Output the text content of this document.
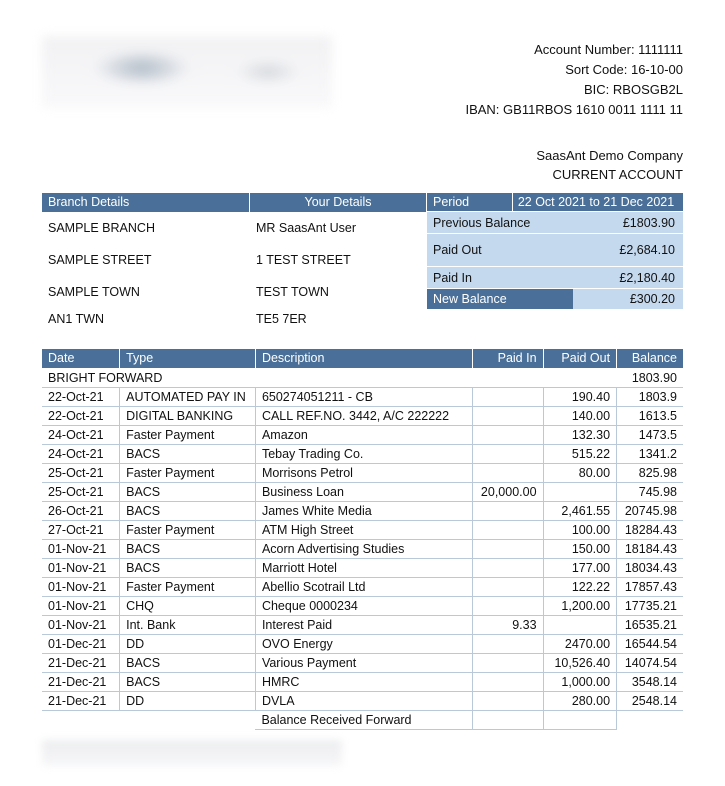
Account Number: 1111111
Sort Code: 16-10-00
BIC: RBOSGB2L
IBAN: GB11RBOS 1610 0011 1111 11
SaasAnt Demo Company
CURRENT ACCOUNT
Branch Details	Your Details
SAMPLE BRANCH	MR SaasAnt User
SAMPLE STREET	1 TEST STREET
SAMPLE TOWN	TEST TOWN
AN1 TWN	TE5 7ER
Period	22 Oct 2021 to 21 Dec 2021
Previous Balance	£1803.90
Paid Out	£2,684.10
Paid In	£2,180.40
New Balance	£300.20
Date	Type	Description	Paid In	Paid Out	Balance
BRIGHT FORWARD					1803.90
22-Oct-21	AUTOMATED PAY IN	650274051211 - CB		190.40	1803.9
22-Oct-21	DIGITAL BANKING	CALL REF.NO. 3442, A/C 222222		140.00	1613.5
24-Oct-21	Faster Payment	Amazon		132.30	1473.5
24-Oct-21	BACS	Tebay Trading Co.		515.22	1341.2
25-Oct-21	Faster Payment	Morrisons Petrol		80.00	825.98
25-Oct-21	BACS	Business Loan	20,000.00		745.98
26-Oct-21	BACS	James White Media		2,461.55	20745.98
27-Oct-21	Faster Payment	ATM High Street		100.00	18284.43
01-Nov-21	BACS	Acorn Advertising Studies		150.00	18184.43
01-Nov-21	BACS	Marriott Hotel		177.00	18034.43
01-Nov-21	Faster Payment	Abellio Scotrail Ltd		122.22	17857.43
01-Nov-21	CHQ	Cheque 0000234		1,200.00	17735.21
01-Nov-21	Int. Bank	Interest Paid	9.33		16535.21
01-Dec-21	DD	OVO Energy		2470.00	16544.54
21-Dec-21	BACS	Various Payment		10,526.40	14074.54
21-Dec-21	BACS	HMRC		1,000.00	3548.14
21-Dec-21	DD	DVLA		280.00	2548.14
		Balance Received Forward			
